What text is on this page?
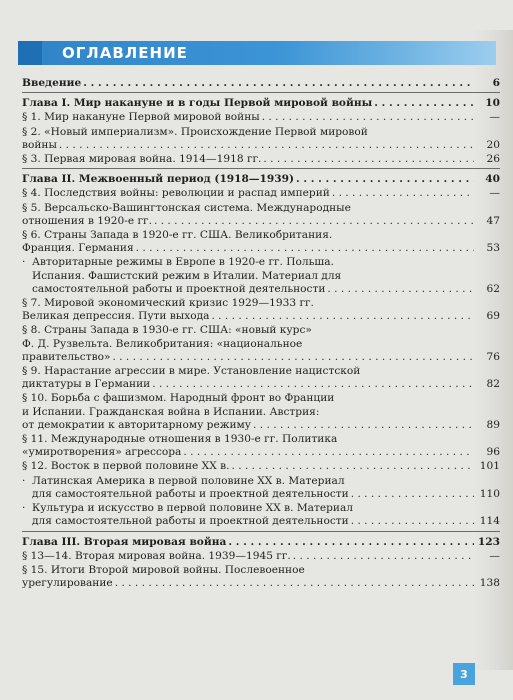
ОГЛАВЛЕНИЕ
Введение . . .	6
Глава I. Мир накануне и в годы Первой мировой войны . . .	10
§ 1. Мир накануне Первой мировой войны . . .	—
§ 2. «Новый империализм». Происхождение Первой мировой
войны . . .	20
§ 3. Первая мировая война. 1914—1918 гг. . . .	26
Глава II. Межвоенный период (1918—1939) . . .	40
§ 4. Последствия войны: революции и распад империй . . .	—
§ 5. Версальско-Вашингтонская система. Международные
отношения в 1920-е гг. . . .	47
§ 6. Страны Запада в 1920-е гг. США. Великобритания.
Франция. Германия . . .	53
· Авторитарные режимы в Европе в 1920-е гг. Польша.
Испания. Фашистский режим в Италии. Материал для
самостоятельной работы и проектной деятельности . . .	62
§ 7. Мировой экономический кризис 1929—1933 гг.
Великая депрессия. Пути выхода . . .	69
§ 8. Страны Запада в 1930-е гг. США: «новый курс»
Ф. Д. Рузвельта. Великобритания: «национальное
правительство» . . .	76
§ 9. Нарастание агрессии в мире. Установление нацистской
диктатуры в Германии . . .	82
§ 10. Борьба с фашизмом. Народный фронт во Франции
и Испании. Гражданская война в Испании. Австрия:
от демократии к авторитарному режиму . . .	89
§ 11. Международные отношения в 1930-е гг. Политика
«умиротворения» агрессора . . .	96
§ 12. Восток в первой половине XX в. . . .	101
· Латинская Америка в первой половине XX в. Материал
для самостоятельной работы и проектной деятельности . . .	110
· Культура и искусство в первой половине XX в. Материал
для самостоятельной работы и проектной деятельности . . .	114
Глава III. Вторая мировая война . . .	123
§ 13—14. Вторая мировая война. 1939—1945 гг. . . .	—
§ 15. Итоги Второй мировой войны. Послевоенное
урегулирование . . .	138
3
